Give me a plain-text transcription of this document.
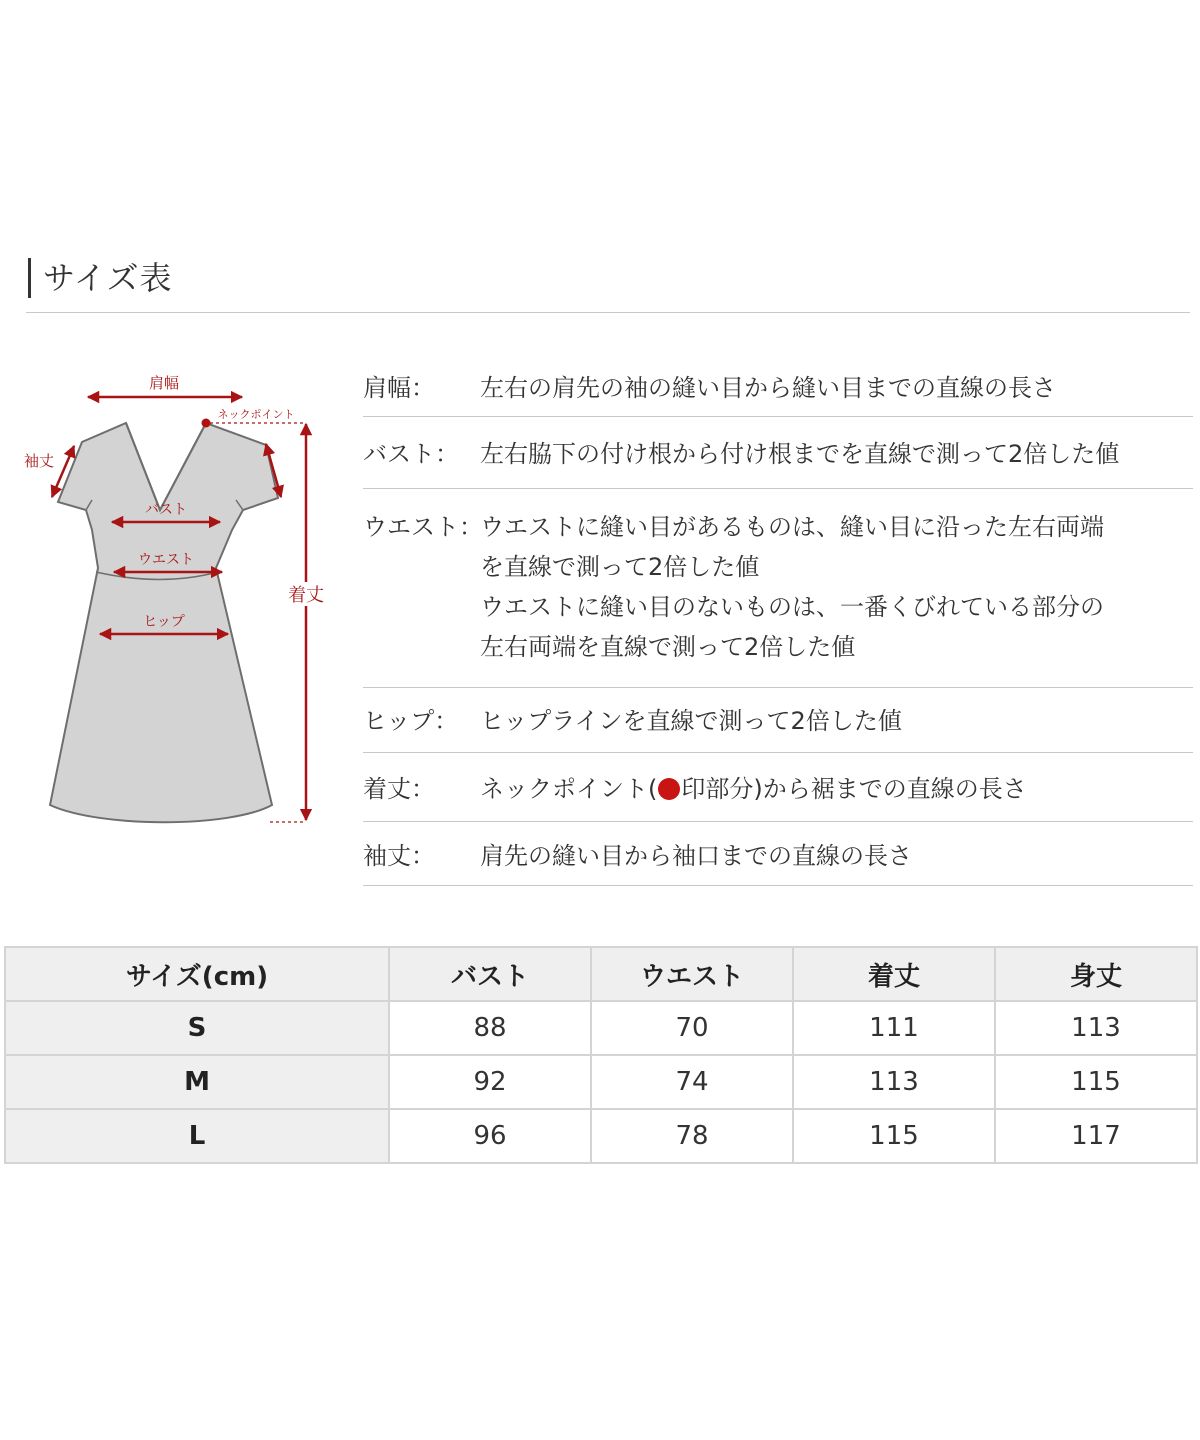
サイズ表
肩幅
ネックポイント
袖丈
バスト
ウエスト
ヒップ
着丈
肩幅：	左右の肩先の袖の縫い目から縫い目までの直線の長さ
バスト： 左右脇下の付け根から付け根までを直線で測って2倍した値
ウエスト：
ウエストに縫い目があるものは、縫い目に沿った左右両端
を直線で測って2倍した値
ウエストに縫い目のないものは、一番くびれている部分の
左右両端を直線で測って2倍した値
ヒップ： ヒップラインを直線で測って2倍した値
着丈：	ネックポイント( 印部分)から裾までの直線の長さ
袖丈：	肩先の縫い目から袖口までの直線の長さ
サイズ(cm)	バスト	ウエスト	着丈	身丈
S	88	70	111	113
M	92	74	113	115
L	96	78	115	117
